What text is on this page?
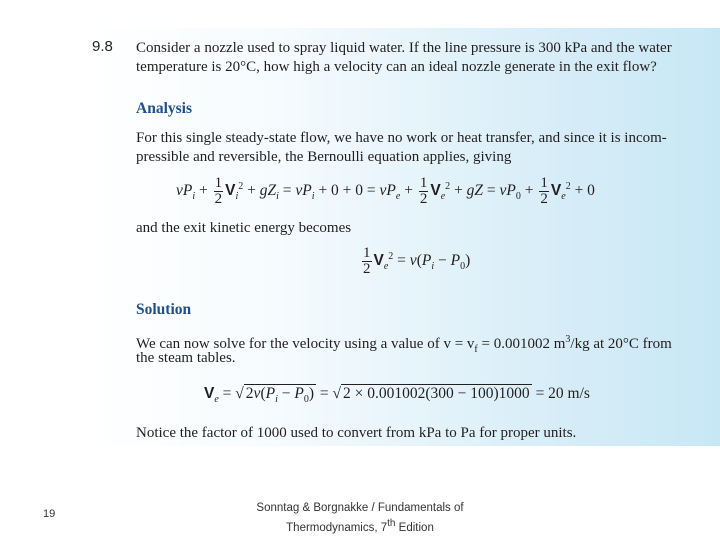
9.8 Consider a nozzle used to spray liquid water. If the line pressure is 300 kPa and the water
temperature is 20°C, how high a velocity can an ideal nozzle generate in the exit flow?
Analysis
For this single steady-state flow, we have no work or heat transfer, and since it is incom-
pressible and reversible, the Bernoulli equation applies, giving
$vP_i + \frac{1}{2} V_i^2 + gZ_i = vP_i + 0 + 0 = vP_e + \frac{1}{2} V_e^2$ + gZ = $vP_0 + \frac{1}{2} V_e^2 + 0$
and the exit kinetic energy becomes
$\frac{1}{2} V_e^2 = v(P_i - P_0)$
Solution
We can now solve for the velocity using a value of $v = v_f = 0.001002$ $m^3/kg$ at 20°C from
the steam tables.
$V_e$ = √ $2v(P_i - P_0)$ = √ 2 × 0.001002(300 − 100)1000 = 20 m/s
Notice the factor of 1000 used to convert from kPa to Pa for proper units.
19	Sonntag & Borgnakke / Fundamentals of
Thermodynamics, 7th Edition
